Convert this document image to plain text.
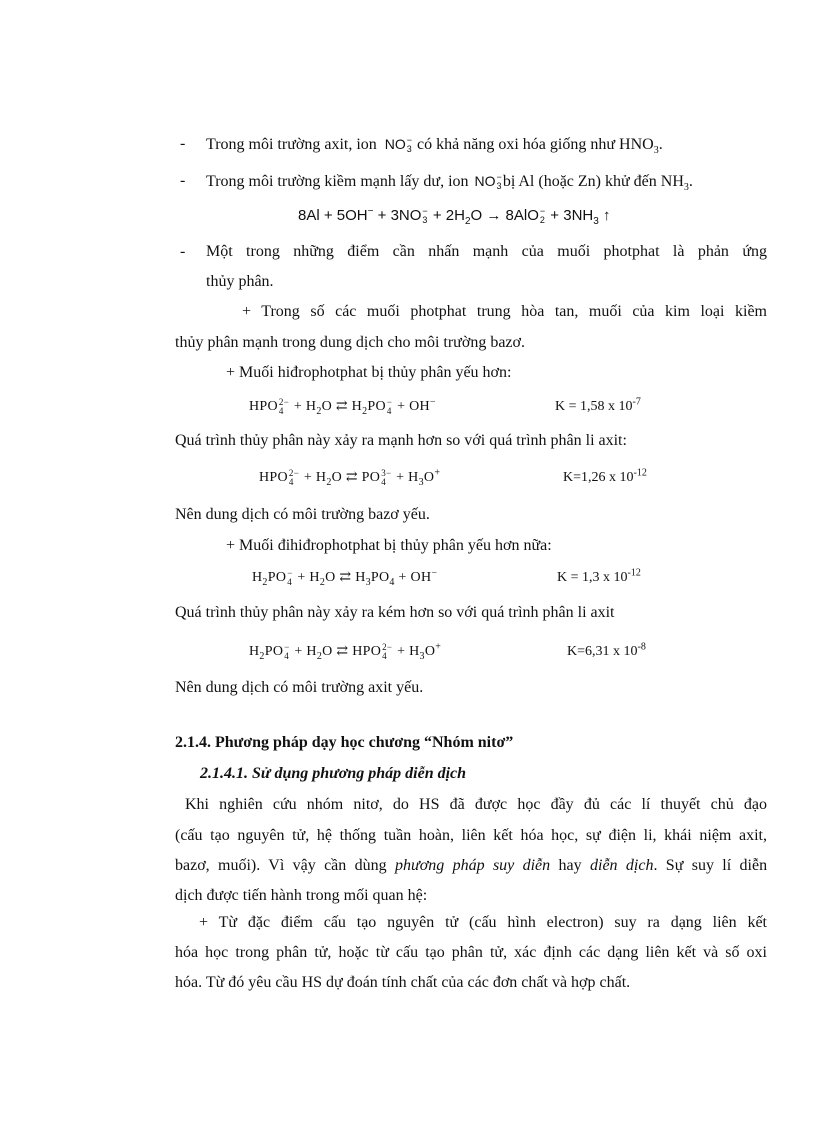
- Trong môi trường axit, ion NO −
3 có khả năng oxi hóa giống như $HNO_3$.
- Trong môi trường kiềm mạnh lấy dư, ion NO −
3 bị Al (hoặc Zn) khử đến $NH_3$.
8Al + 5OH− + 3NO −
$3 + 2H_2O \to 8AlO$ −
$2 + 3NH_3$ ↑
- Một trong những điểm cần nhấn mạnh của muối photphat là phản ứng
thủy phân.
+ Trong số các muối photphat trung hòa tan, muối của kim loại kiềm
thủy phân mạnh trong dung dịch cho môi trường bazơ.
+ Muối hiđrophotphat bị thủy phân yếu hơn:
HPO 2−
$4 + H_2O$ ⇄ $H_2PO$ −
4 + OH−	K = 1,58 x $10^{-7}$
Quá trình thủy phân này xảy ra mạnh hơn so với quá trình phân li axit:
HPO 2−
$4 + H_2O$ ⇄ PO 3−
$4 + H_3O^+$	K=1,26 x $10^{-12}$
Nên dung dịch có môi trường bazơ yếu.
+ Muối đihiđrophotphat bị thủy phân yếu hơn nữa:
$H_2PO$ −
$4 + H_2O$ ⇄ $H_3PO_4 + OH^-$	K = 1,3 x $10^{-12}$
Quá trình thủy phân này xảy ra kém hơn so với quá trình phân li axit
$H_2PO$ −
$4 + H_2O$ ⇄ HPO 2−
$4 + H_3O^+$	K=6,31 x $10^{-8}$
Nên dung dịch có môi trường axit yếu.
2.1.4. Phương pháp dạy học chương “Nhóm nitơ”
2.1.4.1. Sử dụng phương pháp diễn dịch
Khi nghiên cứu nhóm nitơ, do HS đã được học đầy đủ các lí thuyết chủ đạo
(cấu tạo nguyên tử, hệ thống tuần hoàn, liên kết hóa học, sự điện li, khái niệm axit,
bazơ, muối). Vì vậy cần dùng phương pháp suy diễn hay diễn dịch. Sự suy lí diễn
dịch được tiến hành trong mối quan hệ:
+ Từ đặc điểm cấu tạo nguyên tử (cấu hình electron) suy ra dạng liên kết
hóa học trong phân tử, hoặc từ cấu tạo phân tử, xác định các dạng liên kết và số oxi
hóa. Từ đó yêu cầu HS dự đoán tính chất của các đơn chất và hợp chất.
